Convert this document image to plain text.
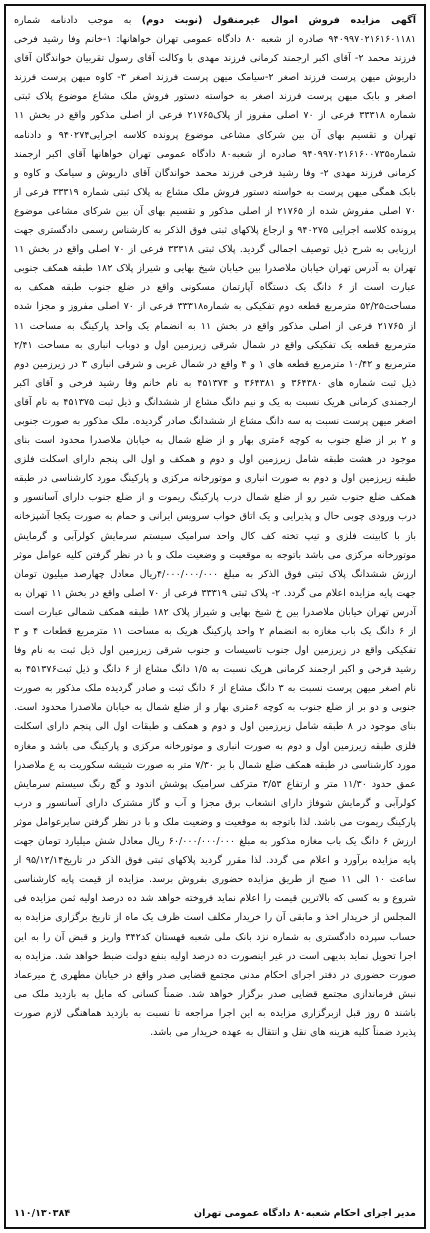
آگهی مزایده فروش اموال غیرمنقول (نوبت دوم) به موجب دادنامه شماره ۹۴۰۹۹۷۰۲۱۶۱۶۰۱۱۸۱ صادره از شعبه ۸۰ دادگاه عمومی تهران خواهانها: ۱-خانم وفا رشید فرخی فرزند محمد ۲- آقای اکبر ارجمند کرمانی فرزند مهدی با وکالت آقای رسول تقربیان خواندگان آقای داریوش میهن پرست فرزند اصغر ۲-سیامک میهن پرست فرزند اصغر ۳- کاوه میهن پرست فرزند اصغر و بابک میهن پرست فرزند اصغر به خواسته دستور فروش ملک مشاع موضوع پلاک ثبتی شماره ۳۳۳۱۸ فرعی از ۷۰ اصلی مفروز از پلاک۲۱۷۶۵ فرعی از اصلی مذکور واقع در بخش ۱۱ تهران و تقسیم بهای آن بین شرکای مشاعی موضوع پرونده کلاسه اجرایی۹۴۰۲۷۴ و دادنامه شماره۹۴۰۹۹۷۰۲۱۶۱۶۰۰۷۳۵ صادره از شعبه۸۰ دادگاه عمومی تهران خواهانها آقای اکبر ارجمند کرمانی فرزند مهدی ۲- وفا رشید فرخی فرزند محمد خواندگان آقای داریوش و سیامک و کاوه و بابک همگی میهن پرست به خواسته دستور فروش ملک مشاع به پلاک ثبتی شماره ۳۳۳۱۹ فرعی از ۷۰ اصلی مفروش شده از ۲۱۷۶۵ از اصلی مذکور و تقسیم بهای آن بین شرکای مشاعی موضوع پرونده کلاسه اجرایی ۹۴۰۲۷۵ و ارجاع پلاکهای ثبتی فوق الذکر به کارشناس رسمی دادگستری جهت ارزیابی به شرح ذیل توصیف اجمالی گردید. پلاک ثبتی ۳۳۳۱۸ فرعی از ۷۰ اصلی واقع در بخش ۱۱ تهران به آدرس تهران خیابان ملاصدرا بین خیابان شیخ بهایی و شیراز پلاک ۱۸۲ طبقه همکف جنوبی عبارت است از ۶ دانگ یک دستگاه آپارتمان مسکونی واقع در ضلع جنوب طبقه همکف به مساحت۵۲/۲۵ مترمربع قطعه دوم تفکیکی به شماره۳۳۳۱۸ فرعی از ۷۰ اصلی مفروز و مجزا شده از ۲۱۷۶۵ فرعی از اصلی مذکور واقع در بخش ۱۱ به انضمام یک واحد پارکینگ به مساحت ۱۱ مترمربع قطعه یک تفکیکی واقع در شمال شرقی زیرزمین اول و دوباب انباری به مساحت ۲/۴۱ مترمربع و ۱۰/۴۲ مترمربع قطعه های ۱ و ۴ واقع در شمال غربی و شرقی انباری ۳ در زیرزمین دوم ذیل ثبت شماره های ۳۶۴۳۸۰ و ۳۶۴۳۸۱ و ۴۵۱۳۷۴ به نام خانم وفا رشید فرخی و آقای اکبر ارجمندی کرمانی هریک نسبت به یک و نیم دانگ مشاع از ششدانگ و ذیل ثبت ۴۵۱۳۷۵ به نام آقای اصغر میهن پرست نسبت به سه دانگ مشاع از ششدانگ صادر گردیده. ملک مذکور به صورت جنوبی و ۲ بر از ضلع جنوب به کوچه ۶متری بهار و از ضلع شمال به خیابان ملاصدرا محدود است بنای موجود در هشت طبقه شامل زیرزمین اول و دوم و همکف و اول الی پنجم دارای اسکلت فلزی طبقه زیرزمین اول و دوم به صورت انباری و موتورخانه مرکزی و پارکینگ مورد کارشناسی در طبقه همکف ضلع جنوب شیر رو از ضلع شمال درب پارکینگ ریموت و از ضلع جنوب دارای آسانسور و درب ورودی چوبی حال و پذیرایی و یک اتاق خواب سرویس ایرانی و حمام به صورت یکجا آشپزخانه باز با کابینت فلزی و تیپ تخته کف کال واحد سرامیک سیستم سرمایش کولرآبی و گرمایش موتورخانه مرکزی می باشد باتوجه به موقعیت و وضعیت ملک و با در نظر گرفتن کلیه عوامل موثر ارزش ششدانگ پلاک ثبتی فوق الذکر به مبلغ ۴/۰۰۰/۰۰۰/۰۰۰ریال معادل چهارصد میلیون تومان جهت پایه مزایده اعلام می گردد. ۲- پلاک ثبتی ۳۳۳۱۹ فرعی از ۷۰ اصلی واقع در بخش ۱۱ تهران به آدرس تهران خیابان ملاصدرا بین خ شیخ بهایی و شیراز پلاک ۱۸۲ طبقه همکف شمالی عبارت است از ۶ دانگ یک باب مغازه به انضمام ۲ واحد پارکینگ هریک به مساحت ۱۱ مترمربع قطعات ۴ و ۳ تفکیکی واقع در زیرزمین اول جنوب تاسیسات و جنوب شرقی زیرزمین اول ذیل ثبت به نام وفا رشید فرخی و اکبر ارجمند کرمانی هریک نسبت به ۱/۵ دانگ مشاع از ۶ دانگ و ذیل ثبت۴۵۱۳۷۶ به نام اصغر میهن پرست نسبت به ۳ دانگ مشاع از ۶ دانگ ثبت و صادر گردیده ملک مذکور به صورت جنوبی و دو بر از ضلع جنوب به کوچه ۶متری بهار و از ضلع شمال به خیابان ملاصدرا محدود است. بنای موجود در ۸ طبقه شامل زیرزمین اول و دوم و همکف و طبقات اول الی پنجم دارای اسکلت فلزی طبقه زیرزمین اول و دوم به صورت انباری و موتورخانه مرکزی و پارکینگ می باشد و مغازه مورد کارشناسی در طبقه همکف ضلع شمال با بر ۷/۳۰ متر به صورت شیشه سکوریت به ع ملاصدرا عمق حدود ۱۱/۳۰ متر و ارتفاع ۳/۵۳ مترکف سرامیک پوشش اندود و گچ رنگ سیستم سرمایش کولرآبی و گرمایش شوفاژ دارای انشعاب برق مجزا و آب و گاز مشترک دارای آسانسور و درب پارکینگ ریموت می باشد. لذا باتوجه به موقعیت و وضعیت ملک و با در نظر گرفتن سایرعوامل موثر ارزش ۶ دانگ یک باب مغازه مذکور به مبلغ ۶۰/۰۰۰/۰۰۰/۰۰۰ ریال معادل شش میلیارد تومان جهت پایه مزایده برآورد و اعلام می گردد. لذا مقرر گردید پلاکهای ثبتی فوق الذکر در تاریخ۹۵/۱۲/۱۴ از ساعت ۱۰ الی ۱۱ صبح از طریق مزایده حضوری بفروش برسد. مزایده از قیمت پایه کارشناسی شروع و به کسی که بالاترین قیمت را اعلام نماید فروخته خواهد شد ده درصد اولیه ثمن مزایده فی المجلس از خریدار اخذ و مابقی آن را خریدار مکلف است ظرف یک ماه از تاریخ برگزاری مزایده به حساب سپرده دادگستری به شماره نزد بانک ملی شعبه قهستان کد۳۴۲ واریز و قبض آن را به این اجرا تحویل نماید بدیهی است در غیر اینصورت ده درصد اولیه بنفع دولت ضبط خواهد شد. مزایده به صورت حضوری در دفتر اجرای احکام مدنی مجتمع قضایی صدر واقع در خیابان مطهری خ میرعماد نبش فرماندازی مجتمع قضایی صدر برگزار خواهد شد. ضمناً کسانی که مایل به بازدید ملک می باشند ۵ روز قبل ازبرگزاری مزایده به این اجرا مراجعه تا نسبت به بازدید هماهنگی لازم صورت پذیرد ضمناً کلیه هزینه های نقل و انتقال به عهده خریدار می باشد.

مدیر اجرای احکام شعبه۸۰ دادگاه عمومی تهران
۱۱۰/۱۳۰۳۸۴
